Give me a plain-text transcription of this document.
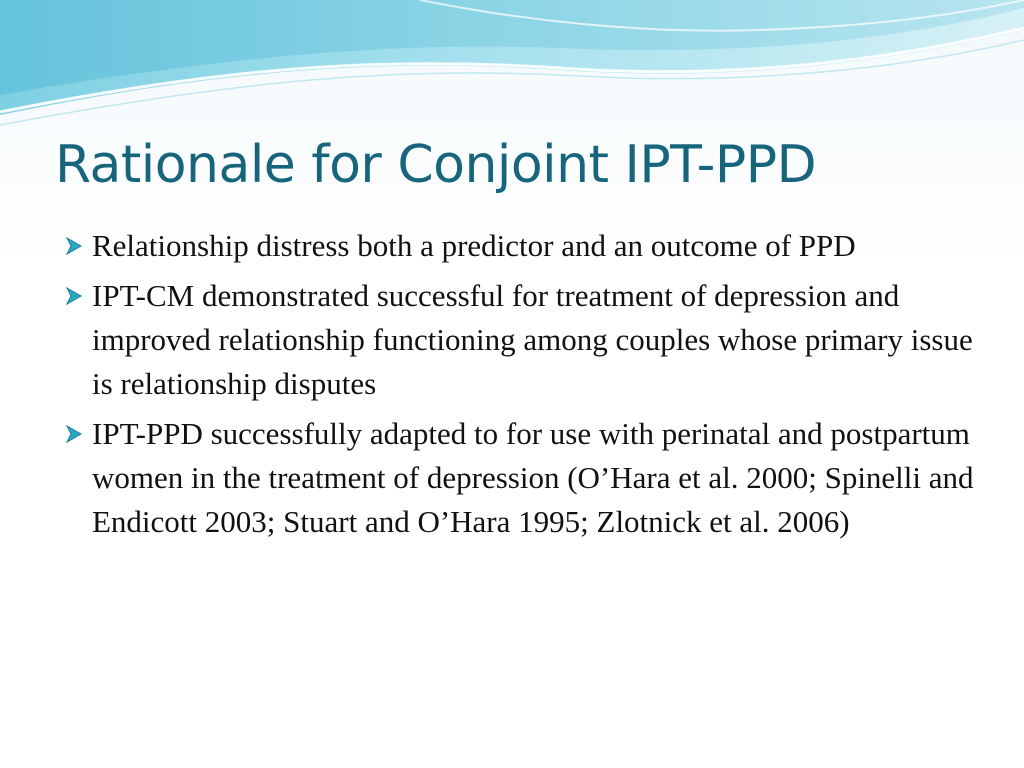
Rationale for Conjoint IPT-PPD
Relationship distress both a predictor and an outcome of PPD
IPT-CM demonstrated successful for treatment of depression and improved relationship functioning among couples whose primary issue is relationship disputes
IPT-PPD successfully adapted to for use with perinatal and postpartum women in the treatment of depression (O’Hara et al. 2000; Spinelli and Endicott 2003; Stuart and O’Hara 1995; Zlotnick et al. 2006)
